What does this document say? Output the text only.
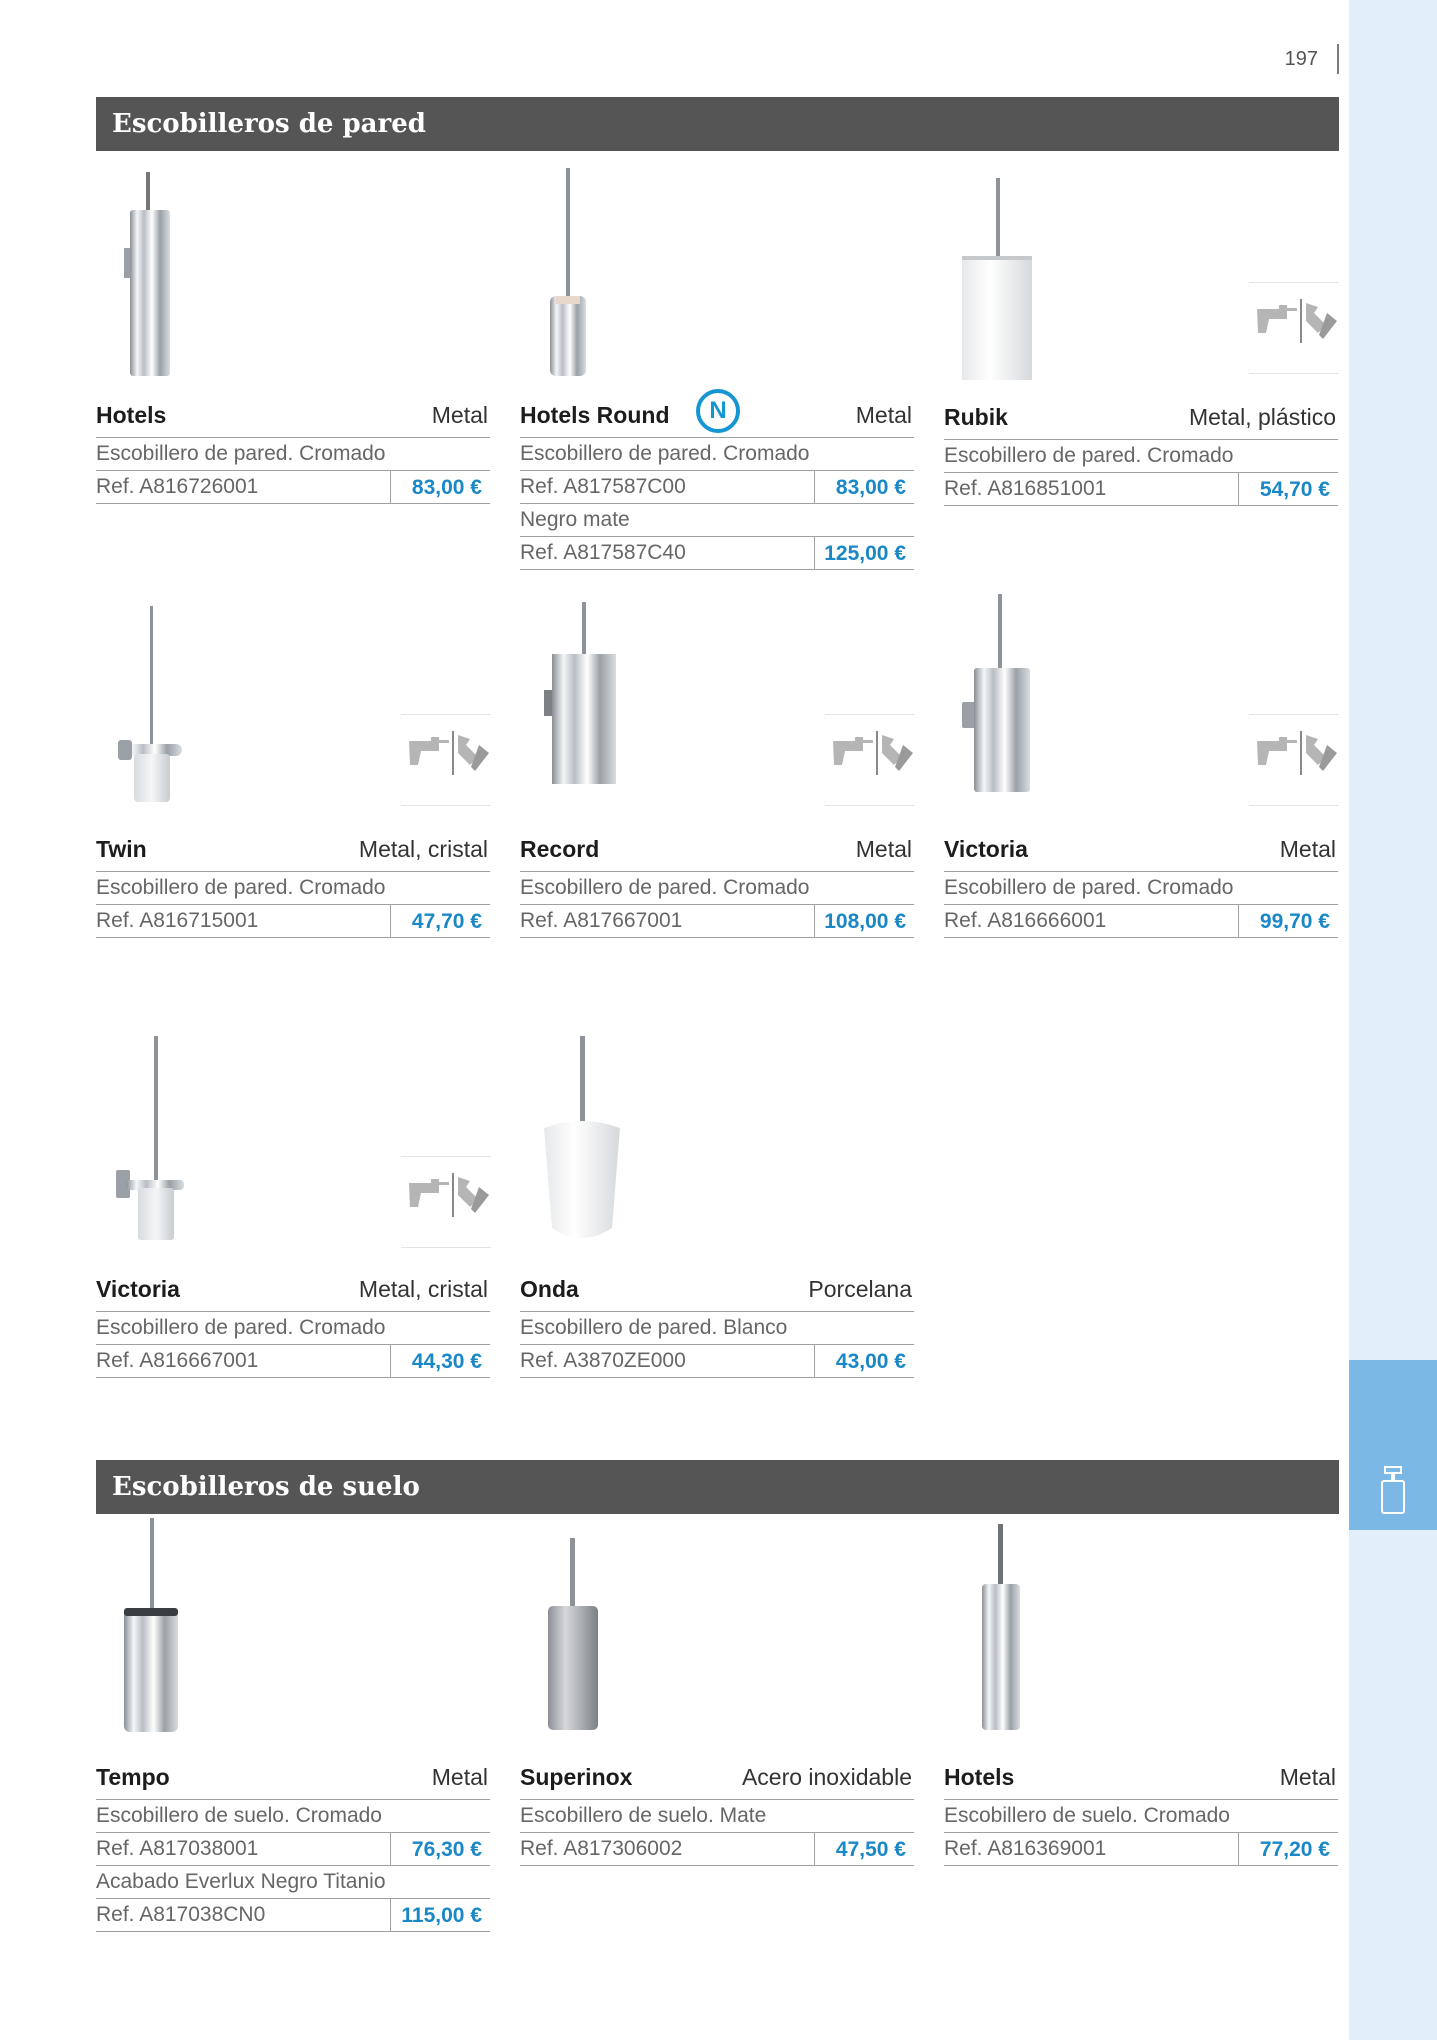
197
Escobilleros de pared
Escobilleros de suelo
Hotels	Metal
Escobillero de pared. Cromado
Ref. A816726001	83,00 €
Hotels Round	N	Metal
Escobillero de pared. Cromado
Ref. A817587C00	83,00 €
Negro mate
Ref. A817587C40	125,00 €
Rubik	Metal, plástico
Escobillero de pared. Cromado
Ref. A816851001	54,70 €
Twin	Metal, cristal
Escobillero de pared. Cromado
Ref. A816715001	47,70 €
Record	Metal
Escobillero de pared. Cromado
Ref. A817667001	108,00 €
Victoria	Metal
Escobillero de pared. Cromado
Ref. A816666001	99,70 €
Victoria	Metal, cristal
Escobillero de pared. Cromado
Ref. A816667001	44,30 €
Onda	Porcelana
Escobillero de pared. Blanco
Ref. A3870ZE000	43,00 €
Tempo	Metal
Escobillero de suelo. Cromado
Ref. A817038001	76,30 €
Acabado Everlux Negro Titanio
Ref. A817038CN0	115,00 €
Superinox	Acero inoxidable
Escobillero de suelo. Mate
Ref. A817306002	47,50 €
Hotels	Metal
Escobillero de suelo. Cromado
Ref. A816369001	77,20 €
